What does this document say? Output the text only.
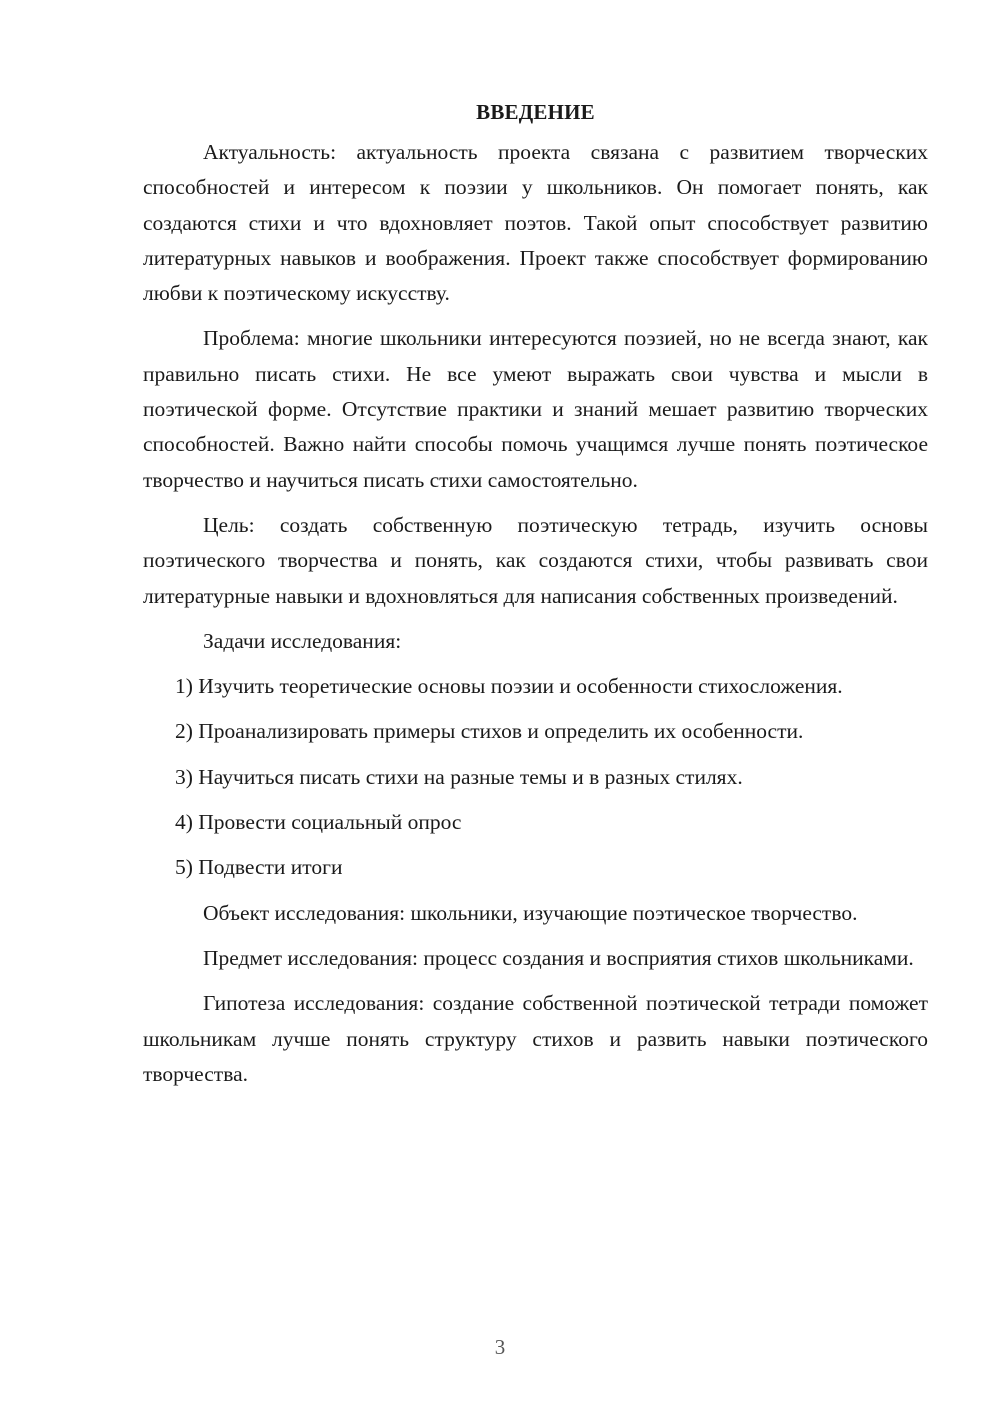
ВВЕДЕНИЕ

Актуальность: актуальность проекта связана с развитием творческих способностей и интересом к поэзии у школьников. Он помогает понять, как создаются стихи и что вдохновляет поэтов. Такой опыт способствует развитию литературных навыков и воображения. Проект также способствует формированию любви к поэтическому искусству.

Проблема: многие школьники интересуются поэзией, но не всегда знают, как правильно писать стихи. Не все умеют выражать свои чувства и мысли в поэтической форме. Отсутствие практики и знаний мешает развитию творческих способностей. Важно найти способы помочь учащимся лучше понять поэтическое творчество и научиться писать стихи самостоятельно.

Цель: создать собственную поэтическую тетрадь, изучить основы поэтического творчества и понять, как создаются стихи, чтобы развивать свои литературные навыки и вдохновляться для написания собственных произведений.

Задачи исследования:

1) Изучить теоретические основы поэзии и особенности стихосложения.

2) Проанализировать примеры стихов и определить их особенности.

3) Научиться писать стихи на разные темы и в разных стилях.

4) Провести социальный опрос

5) Подвести итоги

Объект исследования: школьники, изучающие поэтическое творчество.

Предмет исследования: процесс создания и восприятия стихов школьниками.

Гипотеза исследования: создание собственной поэтической тетради поможет школьникам лучше понять структуру стихов и развить навыки поэтического творчества.

3
